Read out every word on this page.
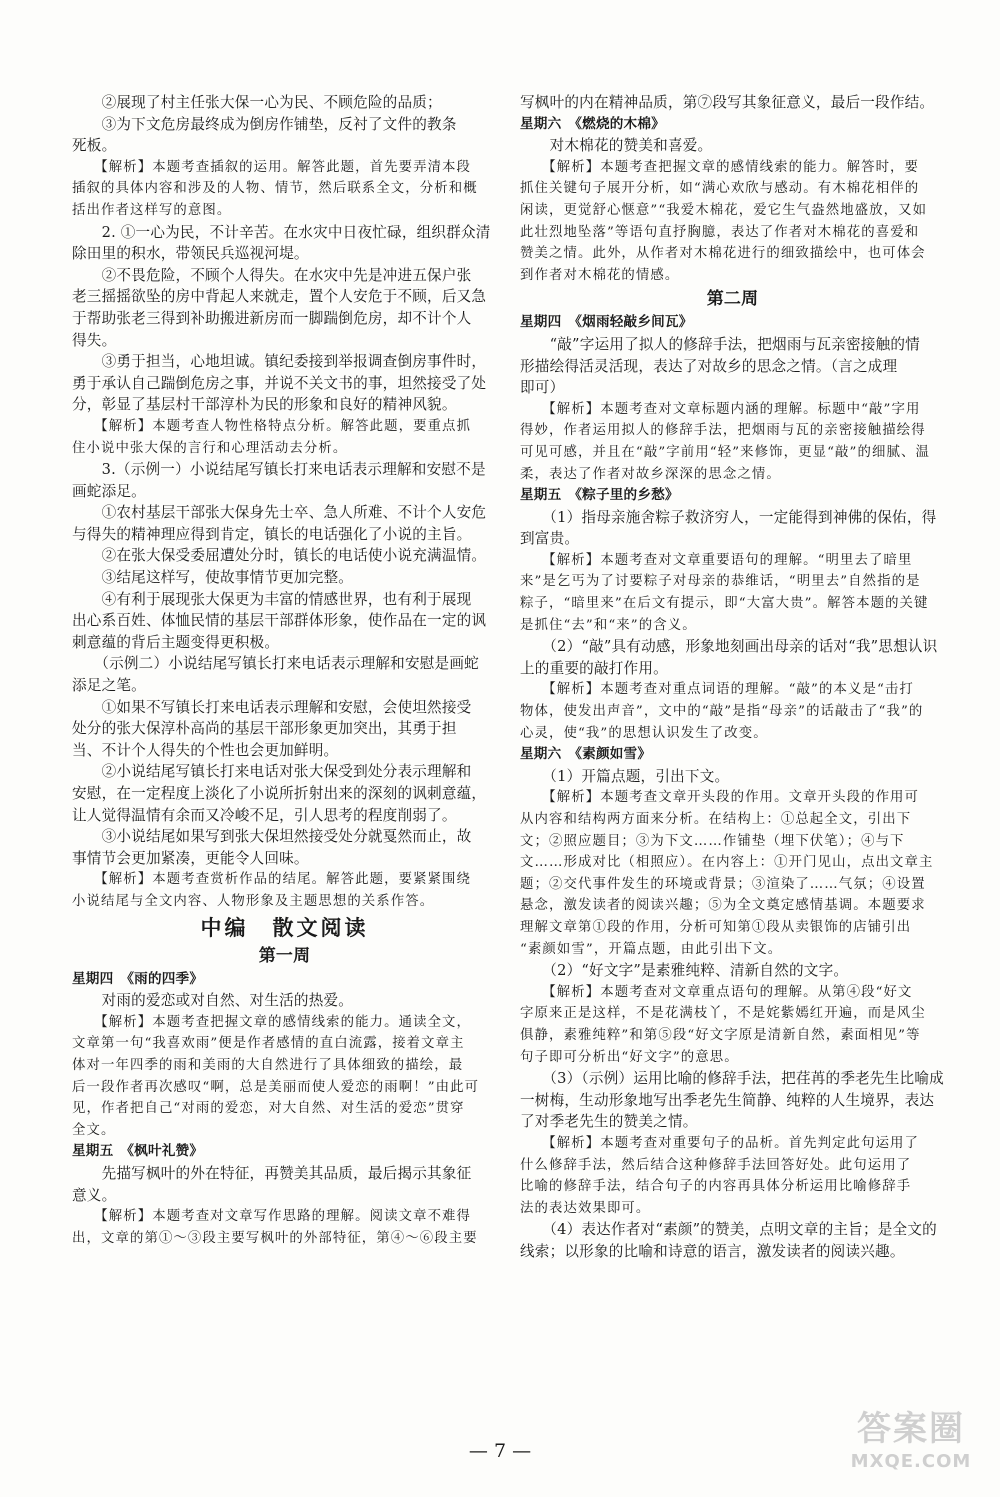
　　②展现了村主任张大保一心为民、不顾危险的品质；
　　③为下文危房最终成为倒房作铺垫，反衬了文件的教条
死板。
　　【解析】本题考查插叙的运用。解答此题，首先要弄清本段
插叙的具体内容和涉及的人物、情节，然后联系全文，分析和概
括出作者这样写的意图。
　　2. ①一心为民，不计辛苦。在水灾中日夜忙碌，组织群众清
除田里的积水，带领民兵巡视河堤。
　　②不畏危险，不顾个人得失。在水灾中先是冲进五保户张
老三摇摇欲坠的房中背起人来就走，置个人安危于不顾，后又急
于帮助张老三得到补助搬进新房而一脚踹倒危房，却不计个人
得失。
　　③勇于担当，心地坦诚。镇纪委接到举报调查倒房事件时，
勇于承认自己踹倒危房之事，并说不关文书的事，坦然接受了处
分，彰显了基层村干部淳朴为民的形象和良好的精神风貌。
　　【解析】本题考查人物性格特点分析。解答此题，要重点抓
住小说中张大保的言行和心理活动去分析。
　　3.（示例一）小说结尾写镇长打来电话表示理解和安慰不是
画蛇添足。
　　①农村基层干部张大保身先士卒、急人所难、不计个人安危
与得失的精神理应得到肯定，镇长的电话强化了小说的主旨。
　　②在张大保受委屈遭处分时，镇长的电话使小说充满温情。
　　③结尾这样写，使故事情节更加完整。
　　④有利于展现张大保更为丰富的情感世界，也有利于展现
出心系百姓、体恤民情的基层干部群体形象，使作品在一定的讽
刺意蕴的背后主题变得更积极。
　　（示例二）小说结尾写镇长打来电话表示理解和安慰是画蛇
添足之笔。
　　①如果不写镇长打来电话表示理解和安慰，会使坦然接受
处分的张大保淳朴高尚的基层干部形象更加突出，其勇于担
当、不计个人得失的个性也会更加鲜明。
　　②小说结尾写镇长打来电话对张大保受到处分表示理解和
安慰，在一定程度上淡化了小说所折射出来的深刻的讽刺意蕴，
让人觉得温情有余而又冷峻不足，引人思考的程度削弱了。
　　③小说结尾如果写到张大保坦然接受处分就戛然而止，故
事情节会更加紧凑，更能令人回味。
　　【解析】本题考查赏析作品的结尾。解答此题，要紧紧围绕
小说结尾与全文内容、人物形象及主题思想的关系作答。
中编　散文阅读
第一周
星期四　《雨的四季》
　　对雨的爱恋或对自然、对生活的热爱。
　　【解析】本题考查把握文章的感情线索的能力。通读全文，
文章第一句“我喜欢雨”便是作者感情的直白流露，接着文章主
体对一年四季的雨和美雨的大自然进行了具体细致的描绘，最
后一段作者再次感叹“啊，总是美丽而使人爱恋的雨啊！”由此可
见，作者把自己“对雨的爱恋，对大自然、对生活的爱恋”贯穿
全文。
星期五　《枫叶礼赞》
　　先描写枫叶的外在特征，再赞美其品质，最后揭示其象征
意义。
　　【解析】本题考查对文章写作思路的理解。阅读文章不难得
出，文章的第①～③段主要写枫叶的外部特征，第④～⑥段主要
写枫叶的内在精神品质，第⑦段写其象征意义，最后一段作结。
星期六　《燃烧的木棉》
　　对木棉花的赞美和喜爱。
　　【解析】本题考查把握文章的感情线索的能力。解答时，要
抓住关键句子展开分析，如“满心欢欣与感动。有木棉花相伴的
闲读，更觉舒心惬意”“我爱木棉花，爱它生气盎然地盛放，又如
此壮烈地坠落”等语句直抒胸臆，表达了作者对木棉花的喜爱和
赞美之情。此外，从作者对木棉花进行的细致描绘中，也可体会
到作者对木棉花的情感。
第二周
星期四　《烟雨轻敲乡间瓦》
　　“敲”字运用了拟人的修辞手法，把烟雨与瓦亲密接触的情
形描绘得活灵活现，表达了对故乡的思念之情。（言之成理
即可）
　　【解析】本题考查对文章标题内涵的理解。标题中“敲”字用
得妙，作者运用拟人的修辞手法，把烟雨与瓦的亲密接触描绘得
可见可感，并且在“敲”字前用“轻”来修饰，更显“敲”的细腻、温
柔，表达了作者对故乡深深的思念之情。
星期五　《粽子里的乡愁》
　　（1）指母亲施舍粽子救济穷人，一定能得到神佛的保佑，得
到富贵。
　　【解析】本题考查对文章重要语句的理解。“明里去了暗里
来”是乞丐为了讨要粽子对母亲的恭维话，“明里去”自然指的是
粽子，“暗里来”在后文有提示，即“大富大贵”。解答本题的关键
是抓住“去”和“来”的含义。
　　（2）“敲”具有动感，形象地刻画出母亲的话对“我”思想认识
上的重要的敲打作用。
　　【解析】本题考查对重点词语的理解。“敲”的本义是“击打
物体，使发出声音”，文中的“敲”是指“母亲”的话敲击了“我”的
心灵，使“我”的思想认识发生了改变。
星期六　《素颜如雪》
　　（1）开篇点题，引出下文。
　　【解析】本题考查文章开头段的作用。文章开头段的作用可
从内容和结构两方面来分析。在结构上：①总起全文，引出下
文；②照应题目；③为下文……作铺垫（埋下伏笔）；④与下
文……形成对比（相照应）。在内容上：①开门见山，点出文章主
题；②交代事件发生的环境或背景；③渲染了……气氛；④设置
悬念，激发读者的阅读兴趣；⑤为全文奠定感情基调。本题要求
理解文章第①段的作用，分析可知第①段从卖银饰的店铺引出
“素颜如雪”，开篇点题，由此引出下文。
　　（2）“好文字”是素雅纯粹、清新自然的文字。
　　【解析】本题考查对文章重点语句的理解。从第④段“好文
字原来正是这样，不是花满枝丫，不是姹紫嫣红开遍，而是风尘
俱静，素雅纯粹”和第⑤段“好文字原是清新自然，素面相见”等
句子即可分析出“好文字”的意思。
　　（3）（示例）运用比喻的修辞手法，把荏苒的季老先生比喻成
一树梅，生动形象地写出季老先生简静、纯粹的人生境界，表达
了对季老先生的赞美之情。
　　【解析】本题考查对重要句子的品析。首先判定此句运用了
什么修辞手法，然后结合这种修辞手法回答好处。此句运用了
比喻的修辞手法，结合句子的内容再具体分析运用比喻修辞手
法的表达效果即可。
　　（4）表达作者对“素颜”的赞美，点明文章的主旨；是全文的
线索；以形象的比喻和诗意的语言，激发读者的阅读兴趣。
— 7 —
答案圈
MXQE.COM
